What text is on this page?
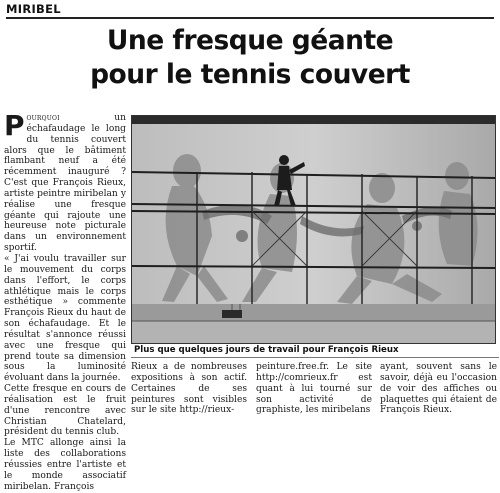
MIRIBEL
Une fresque géante
pour le tennis couvert

Pourquoi un échafaudage le long du tennis couvert alors que le bâtiment flambant neuf a été récemment inauguré ? C'est que François Rieux, artiste peintre miribelan y réalise une fresque géante qui rajoute une heureuse note picturale dans un environnement sportif.

« J'ai voulu travailler sur le mouvement du corps dans l'effort, le corps athlétique mais le corps esthétique » commente François Rieux du haut de son échafaudage. Et le résultat s'annonce réussi avec une fresque qui prend toute sa dimension sous la luminosité évoluant dans la journée.

Cette fresque en cours de réalisation est le fruit d'une rencontre avec Christian Chatelard, président du tennis club.

Le MTC allonge ainsi la liste des collaborations réussies entre l'artiste et le monde associatif miribelan. François

Plus que quelques jours de travail pour François Rieux

Rieux a de nombreuses expositions à son actif. Certaines de ses peintures sont visibles sur le site http://rieux-

peinture.free.fr. Le site http://comrieux.fr est quant à lui tourné sur son activité de graphiste, les miribelans

ayant, souvent sans le savoir, déjà eu l'occasion de voir des affiches ou plaquettes qui étaient de François Rieux.
